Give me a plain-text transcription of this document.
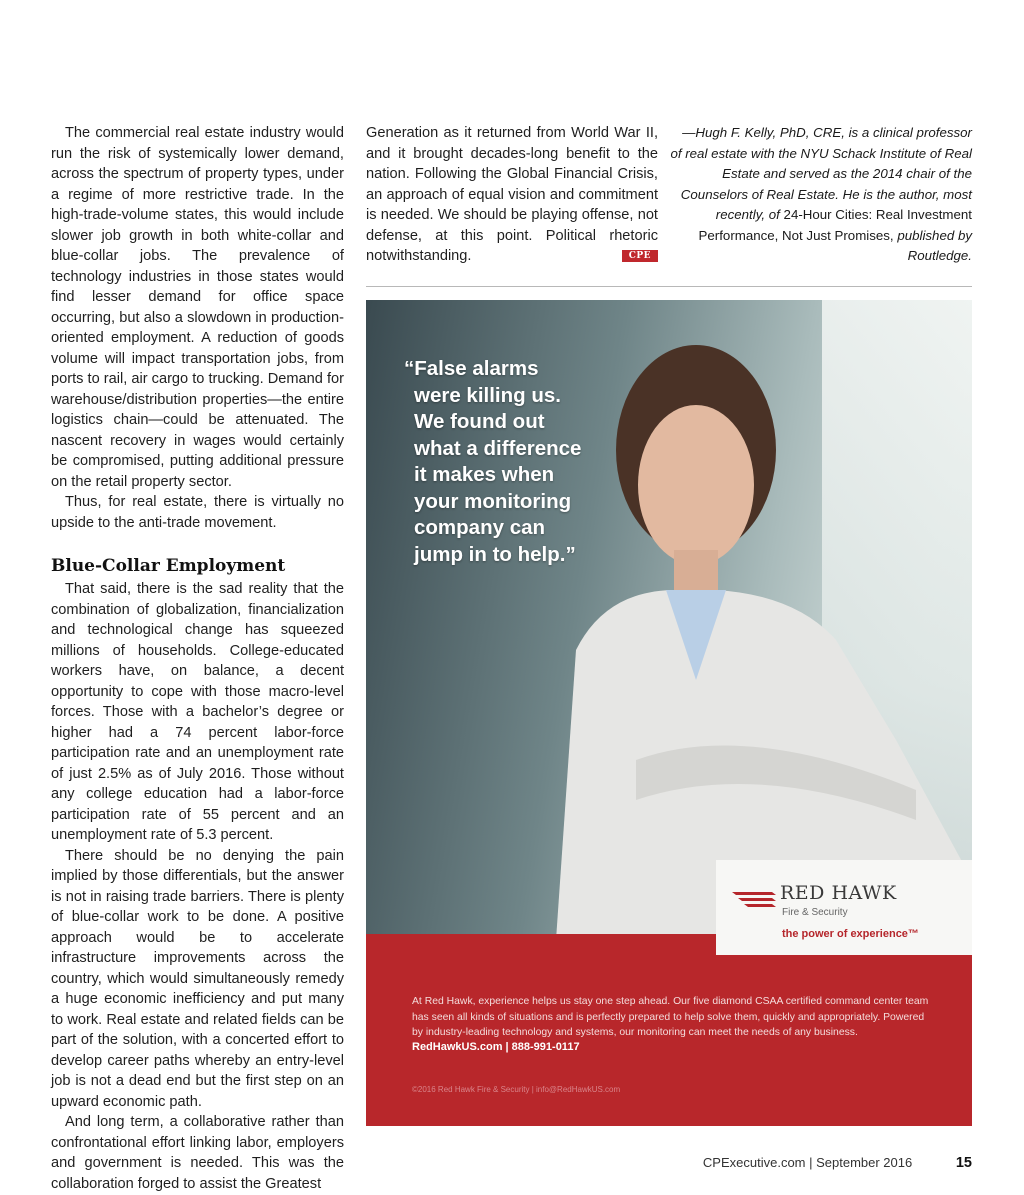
The commercial real estate industry would run the risk of systemically lower demand, across the spectrum of property types, under a regime of more restrictive trade. In the high-trade-volume states, this would include slower job growth in both white-collar and blue-collar jobs. The prevalence of technology industries in those states would find lesser demand for office space occurring, but also a slowdown in production-oriented employment. A reduction of goods volume will impact transportation jobs, from ports to rail, air cargo to trucking. Demand for warehouse/distribution properties—the entire logistics chain—could be attenuated. The nascent recovery in wages would certainly be compromised, putting additional pressure on the retail property sector.

Thus, for real estate, there is virtually no upside to the anti-trade movement.

Blue-Collar Employment

That said, there is the sad reality that the combination of globalization, financialization and technological change has squeezed millions of households. College-educated workers have, on balance, a decent opportunity to cope with those macro-level forces. Those with a bachelor’s degree or higher had a 74 percent labor-force participation rate and an unemployment rate of just 2.5% as of July 2016. Those without any college education had a labor-force participation rate of 55 percent and an unemployment rate of 5.3 percent.

There should be no denying the pain implied by those differentials, but the answer is not in raising trade barriers. There is plenty of blue-collar work to be done. A positive approach would be to accelerate infrastructure improvements across the country, which would simultaneously remedy a huge economic inefficiency and put many to work. Real estate and related fields can be part of the solution, with a concerted effort to develop career paths whereby an entry-level job is not a dead end but the first step on an upward economic path.

And long term, a collaborative rather than confrontational effort linking labor, employers and government is needed. This was the collaboration forged to assist the Greatest

Generation as it returned from World War II, and it brought decades-long benefit to the nation. Following the Global Financial Crisis, an approach of equal vision and commitment is needed. We should be playing offense, not defense, at this point. Political rhetoric notwithstanding.	CPE

—Hugh F. Kelly, PhD, CRE, is a clinical professor of real estate with the NYU Schack Institute of Real Estate and served as the 2014 chair of the Counselors of Real Estate. He is the author, most recently, of 24-Hour Cities: Real Investment Performance, Not Just Promises, published by Routledge.
“False alarms
were killing us.
We found out
what a difference
it makes when
your monitoring
company can
jump in to help.”
At Red Hawk, experience helps us stay one step ahead. Our five diamond CSAA certified command center team has seen all kinds of situations and is perfectly prepared to help solve them, quickly and appropriately. Powered by industry-leading technology and systems, our monitoring can meet the needs of any business.
RedHawkUS.com | 888-991-0117
©2016 Red Hawk Fire & Security | info@RedHawkUS.com
RED HAWK
Fire & Security
the power of experience™
CPExecutive.com | September 2016	15
